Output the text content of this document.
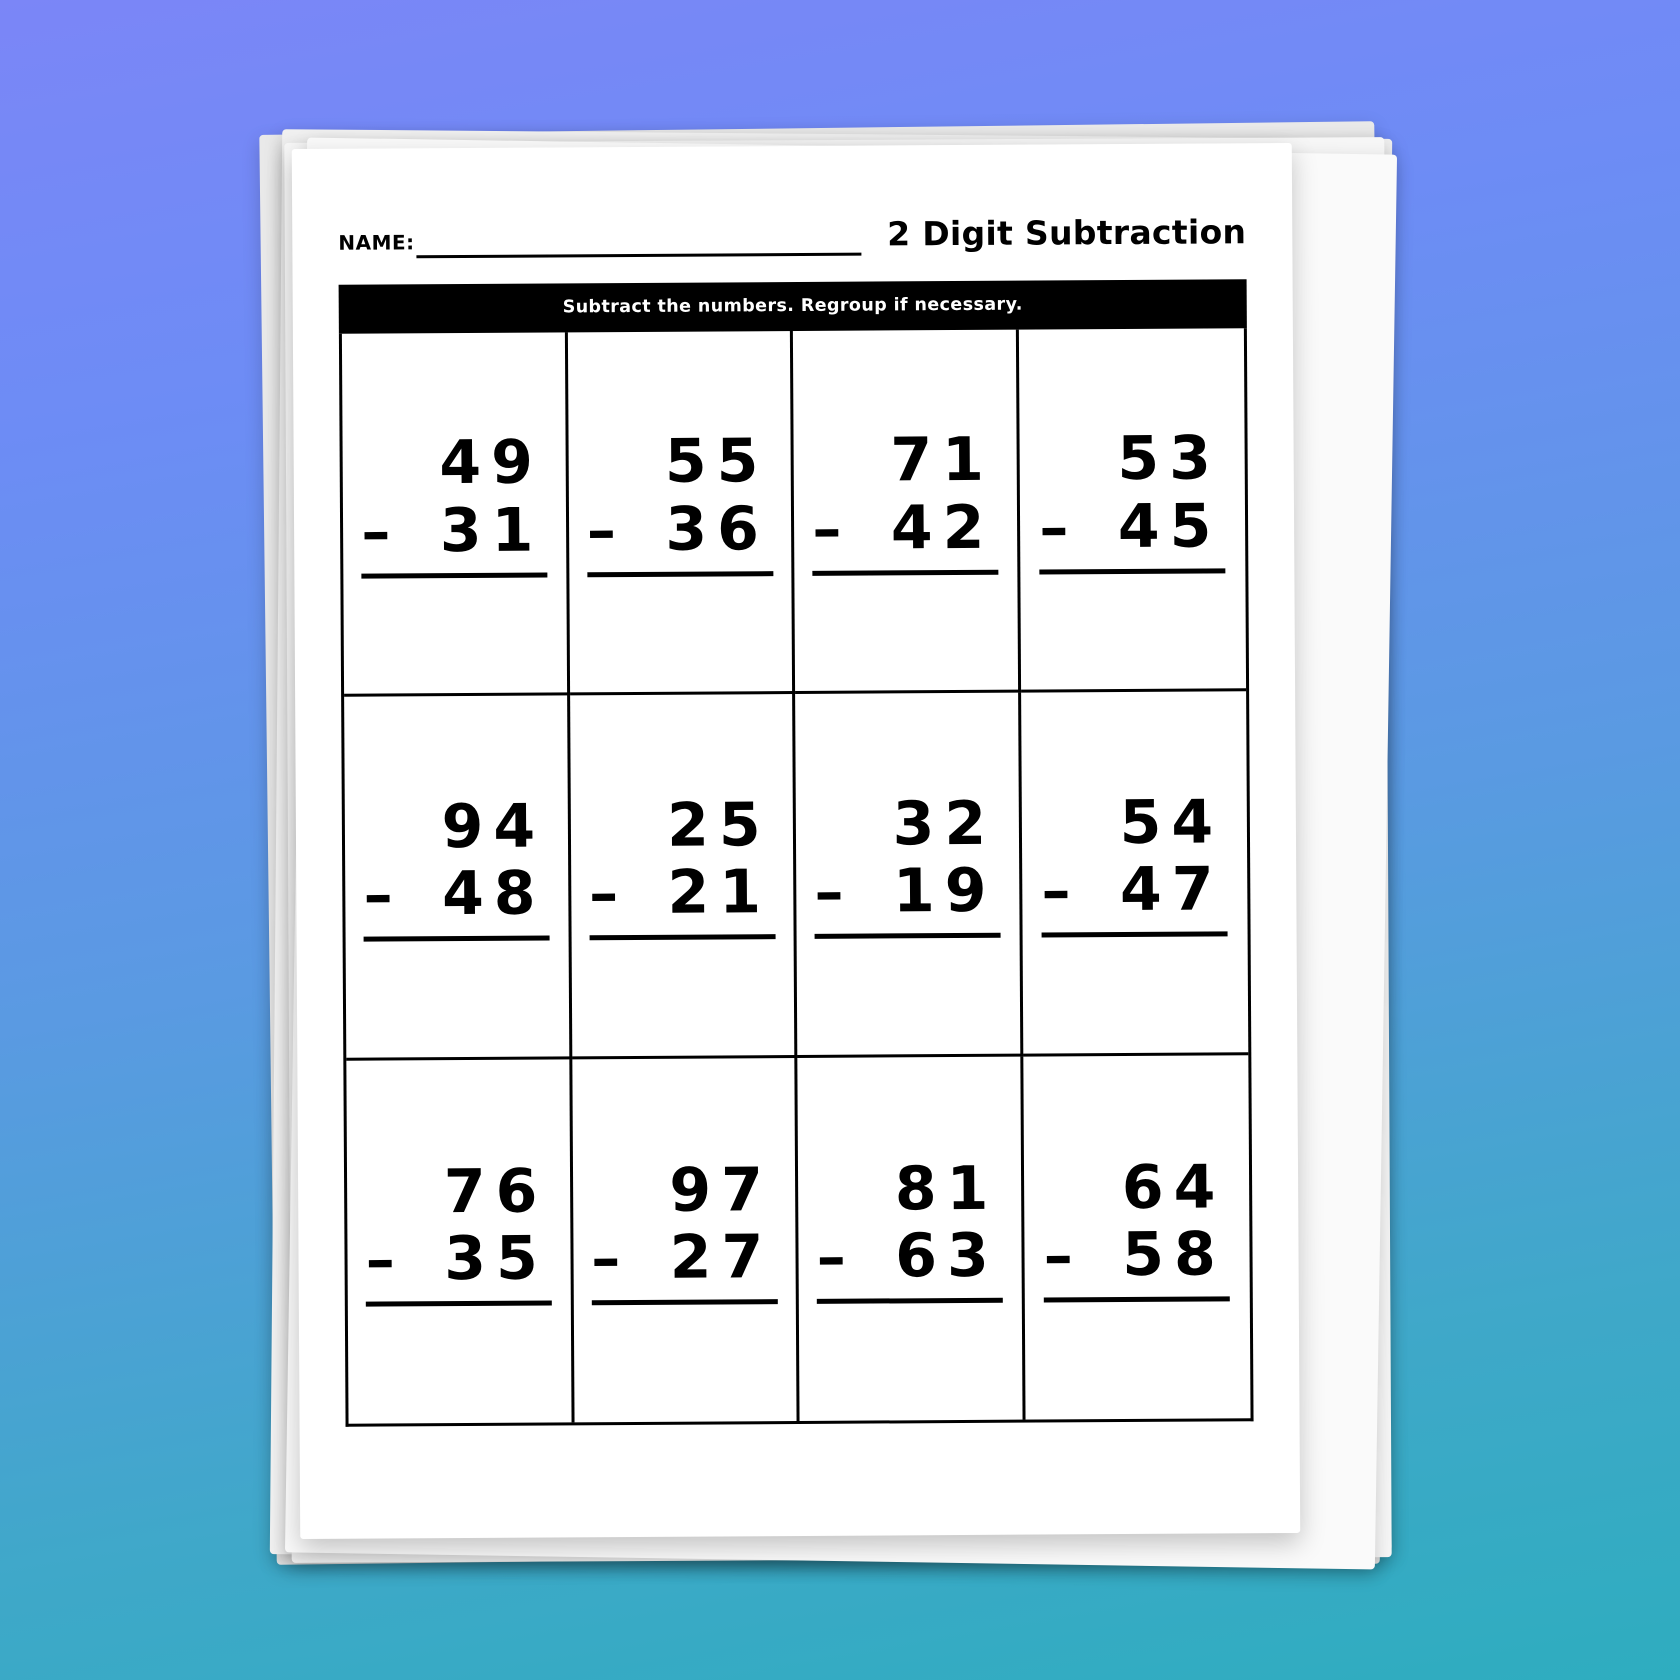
NAME:	2 Digit Subtraction
Subtract the numbers. Regroup if necessary.
49
– 31
55
– 36
71
– 42
53
– 45
94
– 48
25
– 21
32
– 19
54
– 47
76
– 35
97
– 27
81
– 63
64
– 58
